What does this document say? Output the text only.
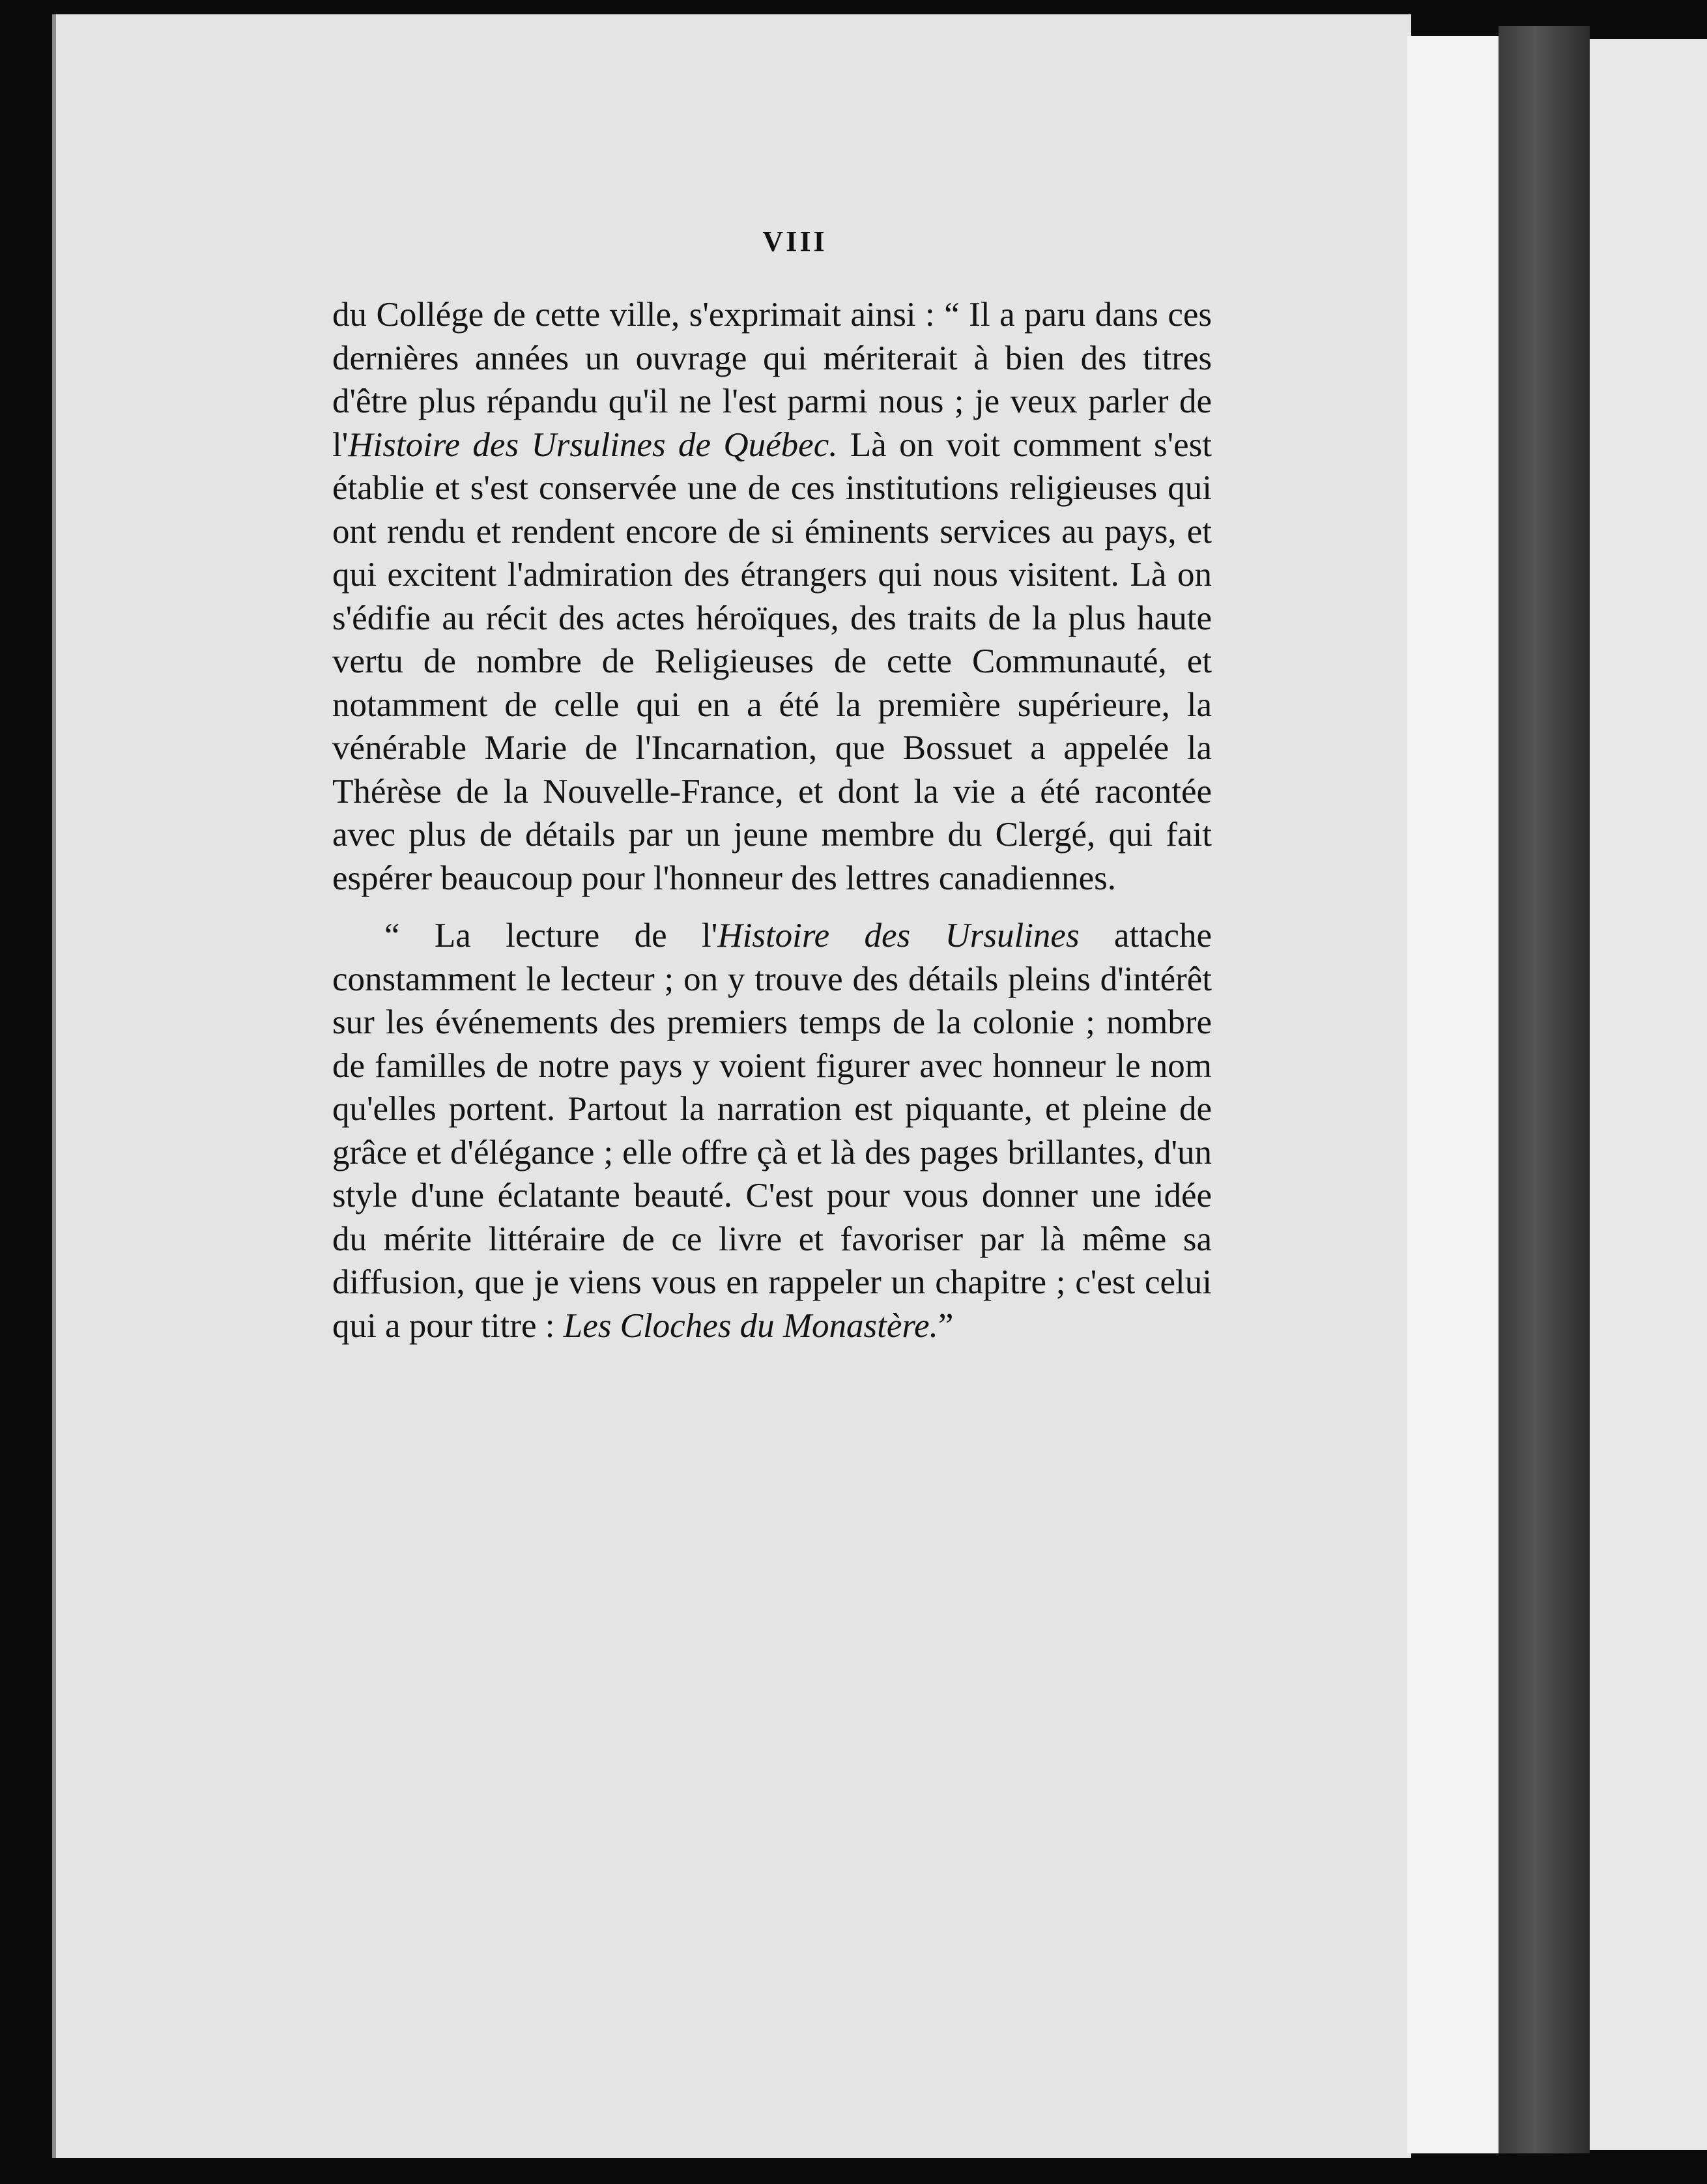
VIII

du Collége de cette ville, s'exprimait ainsi : “ Il a paru dans ces dernières années un ouvrage qui mériterait à bien des titres d'être plus répandu qu'il ne l'est parmi nous ; je veux parler de l'Histoire des Ursulines de Québec. Là on voit comment s'est établie et s'est conservée une de ces institutions religieuses qui ont rendu et rendent encore de si éminents services au pays, et qui excitent l'admiration des étrangers qui nous visitent. Là on s'édifie au récit des actes héroïques, des traits de la plus haute vertu de nombre de Religieuses de cette Communauté, et notamment de celle qui en a été la première supérieure, la vénérable Marie de l'Incarnation, que Bossuet a appelée la Thérèse de la Nouvelle-France, et dont la vie a été racontée avec plus de détails par un jeune membre du Clergé, qui fait espérer beaucoup pour l'honneur des lettres canadiennes.

“ La lecture de l'Histoire des Ursulines attache constamment le lecteur ; on y trouve des détails pleins d'intérêt sur les événements des premiers temps de la colonie ; nombre de familles de notre pays y voient figurer avec honneur le nom qu'elles portent. Partout la narration est piquante, et pleine de grâce et d'élégance ; elle offre çà et là des pages brillantes, d'un style d'une éclatante beauté. C'est pour vous donner une idée du mérite littéraire de ce livre et favoriser par là même sa diffusion, que je viens vous en rappeler un chapitre ; c'est celui qui a pour titre : Les Cloches du Monastère.”
